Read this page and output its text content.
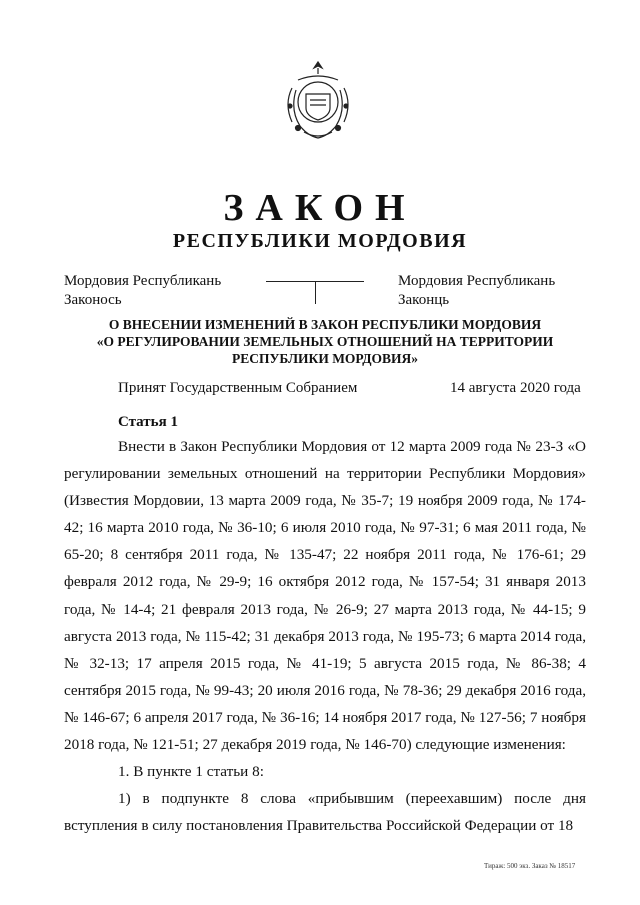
ЗАКОН
РЕСПУБЛИКИ МОРДОВИЯ
Мордовия Республикань
Законось
Мордовия Республикань
Законць
О ВНЕСЕНИИ ИЗМЕНЕНИЙ В ЗАКОН РЕСПУБЛИКИ МОРДОВИЯ
«О РЕГУЛИРОВАНИИ ЗЕМЕЛЬНЫХ ОТНОШЕНИЙ НА ТЕРРИТОРИИ
РЕСПУБЛИКИ МОРДОВИЯ»
Принят Государственным Собранием	14 августа 2020 года
Статья 1

Внести в Закон Республики Мордовия от 12 марта 2009 года № 23-З «О регулировании земельных отношений на территории Республики Мордовия» (Известия Мордовии, 13 марта 2009 года, № 35-7; 19 ноября 2009 года, № 174-42; 16 марта 2010 года, № 36-10; 6 июля 2010 года, № 97-31; 6 мая 2011 года, № 65-20; 8 сентября 2011 года, № 135-47; 22 ноября 2011 года, № 176-61; 29 февраля 2012 года, № 29-9; 16 октября 2012 года, № 157-54; 31 января 2013 года, № 14-4; 21 февраля 2013 года, № 26-9; 27 марта 2013 года, № 44-15; 9 августа 2013 года, № 115-42; 31 декабря 2013 года, № 195-73; 6 марта 2014 года, № 32-13; 17 апреля 2015 года, № 41-19; 5 августа 2015 года, № 86-38; 4 сентября 2015 года, № 99-43; 20 июля 2016 года, № 78-36; 29 декабря 2016 года, № 146-67; 6 апреля 2017 года, № 36-16; 14 ноября 2017 года, № 127-56; 7 ноября 2018 года, № 121-51; 27 декабря 2019 года, № 146-70) следующие изменения:

1. В пункте 1 статьи 8:

1) в подпункте 8 слова «прибывшим (переехавшим) после дня вступления в силу постановления Правительства Российской Федерации от 18

Тираж: 500 экз. Заказ № 18517
